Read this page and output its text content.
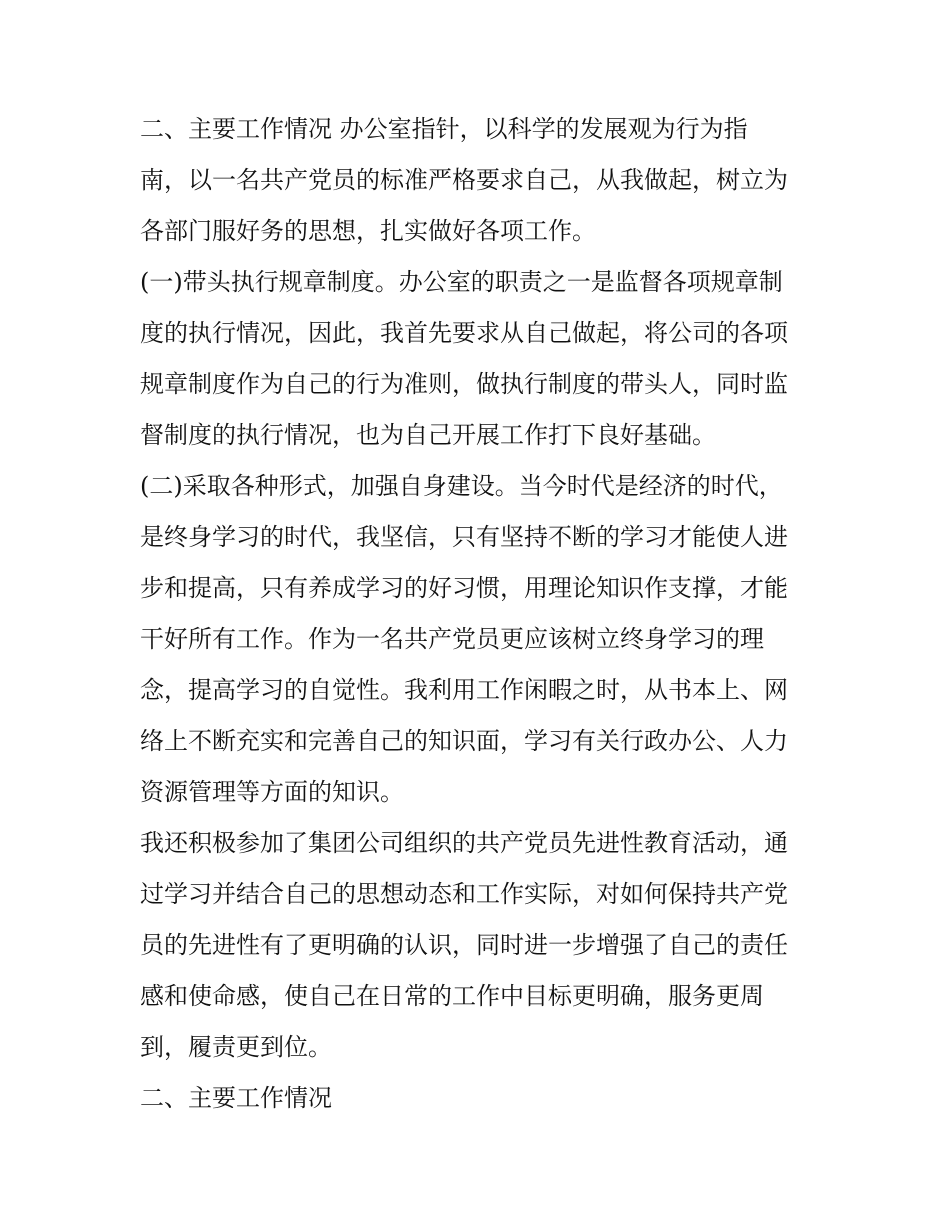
二、主要工作情况 办公室指针，以科学的发展观为行为指
南，以一名共产党员的标准严格要求自己，从我做起，树立为
各部门服好务的思想，扎实做好各项工作。
(一)带头执行规章制度。办公室的职责之一是监督各项规章制
度的执行情况，因此，我首先要求从自己做起，将公司的各项
规章制度作为自己的行为准则，做执行制度的带头人，同时监
督制度的执行情况，也为自己开展工作打下良好基础。
(二)采取各种形式，加强自身建设。当今时代是经济的时代，
是终身学习的时代，我坚信，只有坚持不断的学习才能使人进
步和提高，只有养成学习的好习惯，用理论知识作支撑，才能
干好所有工作。作为一名共产党员更应该树立终身学习的理
念，提高学习的自觉性。我利用工作闲暇之时，从书本上、网
络上不断充实和完善自己的知识面，学习有关行政办公、人力
资源管理等方面的知识。
我还积极参加了集团公司组织的共产党员先进性教育活动，通
过学习并结合自己的思想动态和工作实际，对如何保持共产党
员的先进性有了更明确的认识，同时进一步增强了自己的责任
感和使命感，使自己在日常的工作中目标更明确，服务更周
到，履责更到位。
二、主要工作情况
